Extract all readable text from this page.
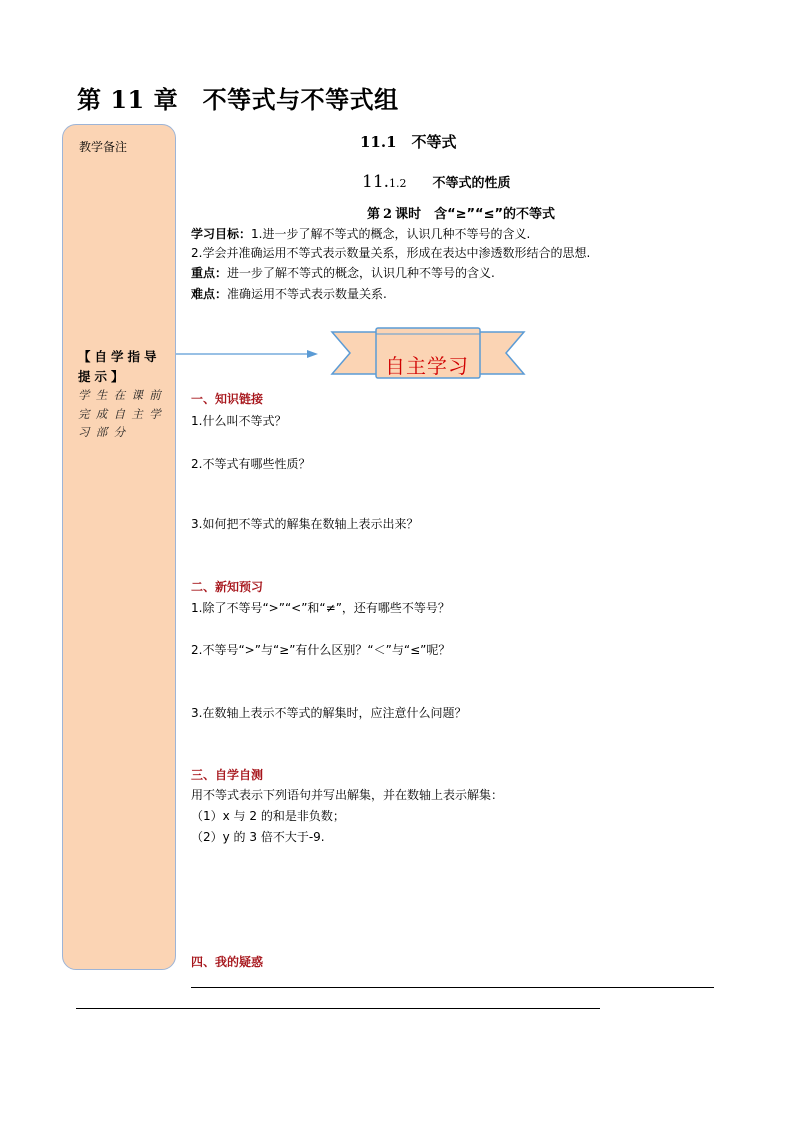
第 11 章　不等式与不等式组
教学备注
【自学指导
提示】
学生在课前
完成自主学
习部分
11.1　不等式
11.1.2 不等式的性质
第 2 课时　含“≥”“≤”的不等式
学习目标：1.进一步了解不等式的概念，认识几种不等号的含义.
2.学会并准确运用不等式表示数量关系，形成在表达中渗透数形结合的思想.
重点：进一步了解不等式的概念，认识几种不等号的含义.
难点：准确运用不等式表示数量关系.
自主学习
一、知识链接
1.什么叫不等式？
2.不等式有哪些性质？
3.如何把不等式的解集在数轴上表示出来？
二、新知预习
1.除了不等号“>”“<”和“≠”，还有哪些不等号？
2.不等号“>”与“≥”有什么区别？“＜”与“≤”呢？
3.在数轴上表示不等式的解集时，应注意什么问题？
三、自学自测
用不等式表示下列语句并写出解集，并在数轴上表示解集：
（1）x 与 2 的和是非负数；
（2）y 的 3 倍不大于-9.
四、我的疑惑
